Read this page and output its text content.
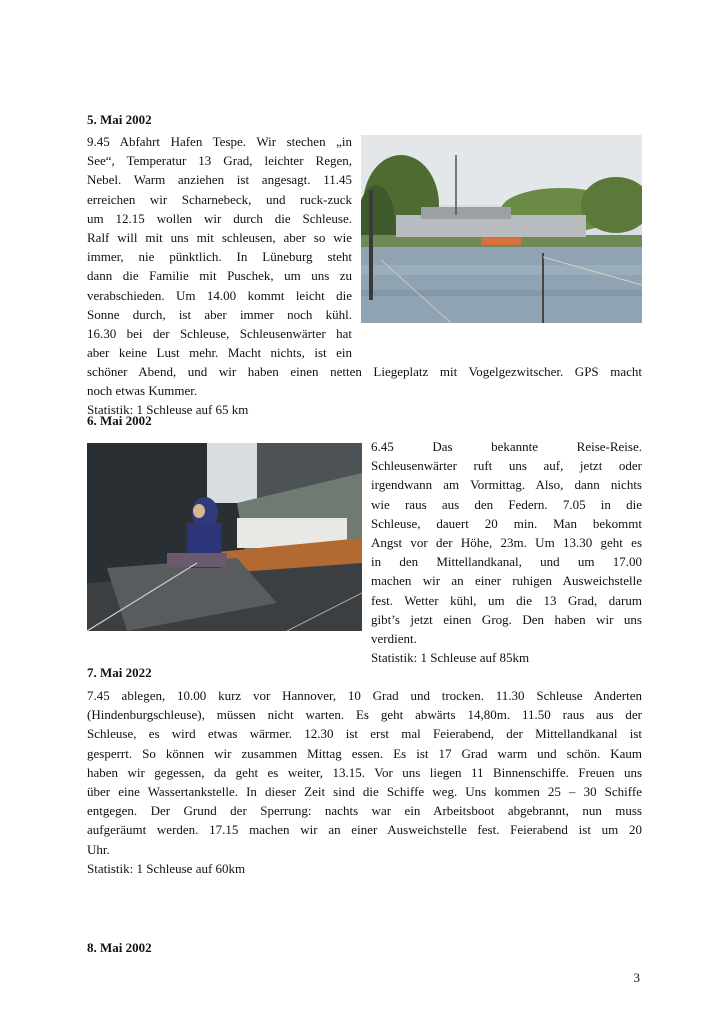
5. Mai 2002

9.45 Abfahrt Hafen Tespe. Wir stechen „in
See“, Temperatur 13 Grad, leichter Regen,
Nebel. Warm anziehen ist angesagt. 11.45
erreichen wir Scharnebeck, und ruck-zuck
um 12.15 wollen wir durch die Schleuse.
Ralf will mit uns mit schleusen, aber so wie
immer, nie pünktlich. In Lüneburg steht
dann die Familie mit Puschek, um uns zu
verabschieden. Um 14.00 kommt leicht die
Sonne durch, ist aber immer noch kühl.
16.30 bei der Schleuse, Schleusenwärter hat
aber keine Lust mehr. Macht nichts, ist ein
schöner Abend, und wir haben einen netten Liegeplatz mit Vogelgezwitscher. GPS macht
noch etwas Kummer.
Statistik: 1 Schleuse auf 65 km

6. Mai 2002

6.45 Das bekannte Reise-Reise.
Schleusenwärter ruft uns auf, jetzt oder
irgendwann am Vormittag. Also, dann nichts
wie raus aus den Federn. 7.05 in die
Schleuse, dauert 20 min. Man bekommt
Angst vor der Höhe, 23m. Um 13.30 geht es
in den Mittellandkanal, und um 17.00
machen wir an einer ruhigen Ausweichstelle
fest. Wetter kühl, um die 13 Grad, darum
gibt’s jetzt einen Grog. Den haben wir uns
verdient.
Statistik: 1 Schleuse auf 85km

7. Mai 2022

7.45 ablegen, 10.00 kurz vor Hannover, 10 Grad und trocken. 11.30 Schleuse Anderten
(Hindenburgschleuse), müssen nicht warten. Es geht abwärts 14,80m. 11.50 raus aus der
Schleuse, es wird etwas wärmer. 12.30 ist erst mal Feierabend, der Mittellandkanal ist
gesperrt. So können wir zusammen Mittag essen. Es ist 17 Grad warm und schön. Kaum
haben wir gegessen, da geht es weiter, 13.15. Vor uns liegen 11 Binnenschiffe. Freuen uns
über eine Wassertankstelle. In dieser Zeit sind die Schiffe weg. Uns kommen 25 – 30 Schiffe
entgegen. Der Grund der Sperrung: nachts war ein Arbeitsboot abgebrannt, nun muss
aufgeräumt werden. 17.15 machen wir an einer Ausweichstelle fest. Feierabend ist um 20
Uhr.
Statistik: 1 Schleuse auf 60km

8. Mai 2002

3
